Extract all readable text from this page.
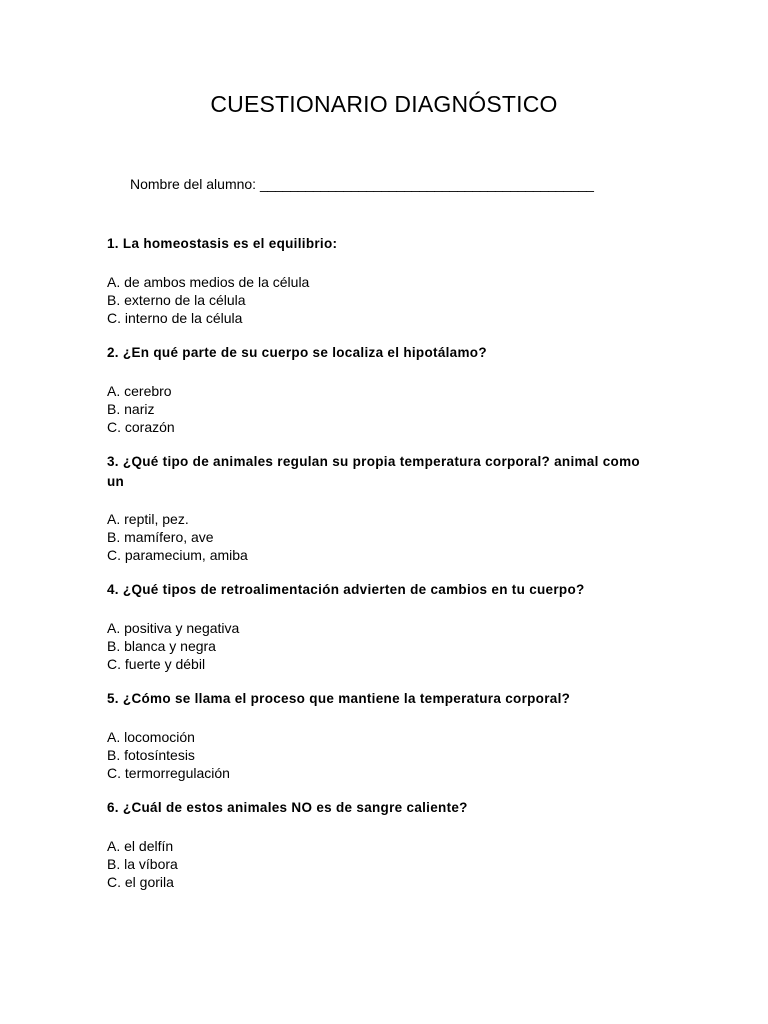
CUESTIONARIO DIAGNÓSTICO
Nombre del alumno: ____________________________________________

1. La homeostasis es el equilibrio:

A. de ambos medios de la célula
B. externo de la célula
C. interno de la célula

2. ¿En qué parte de su cuerpo se localiza el hipotálamo?

A. cerebro
B. nariz
C. corazón

3. ¿Qué tipo de animales regulan su propia temperatura corporal? animal como un

A. reptil, pez.
B. mamífero, ave
C. paramecium, amiba

4. ¿Qué tipos de retroalimentación advierten de cambios en tu cuerpo?

A. positiva y negativa
B. blanca y negra
C. fuerte y débil

5. ¿Cómo se llama el proceso que mantiene la temperatura corporal?

A. locomoción
B. fotosíntesis
C. termorregulación

6. ¿Cuál de estos animales NO es de sangre caliente?

A. el delfín
B. la víbora
C. el gorila
